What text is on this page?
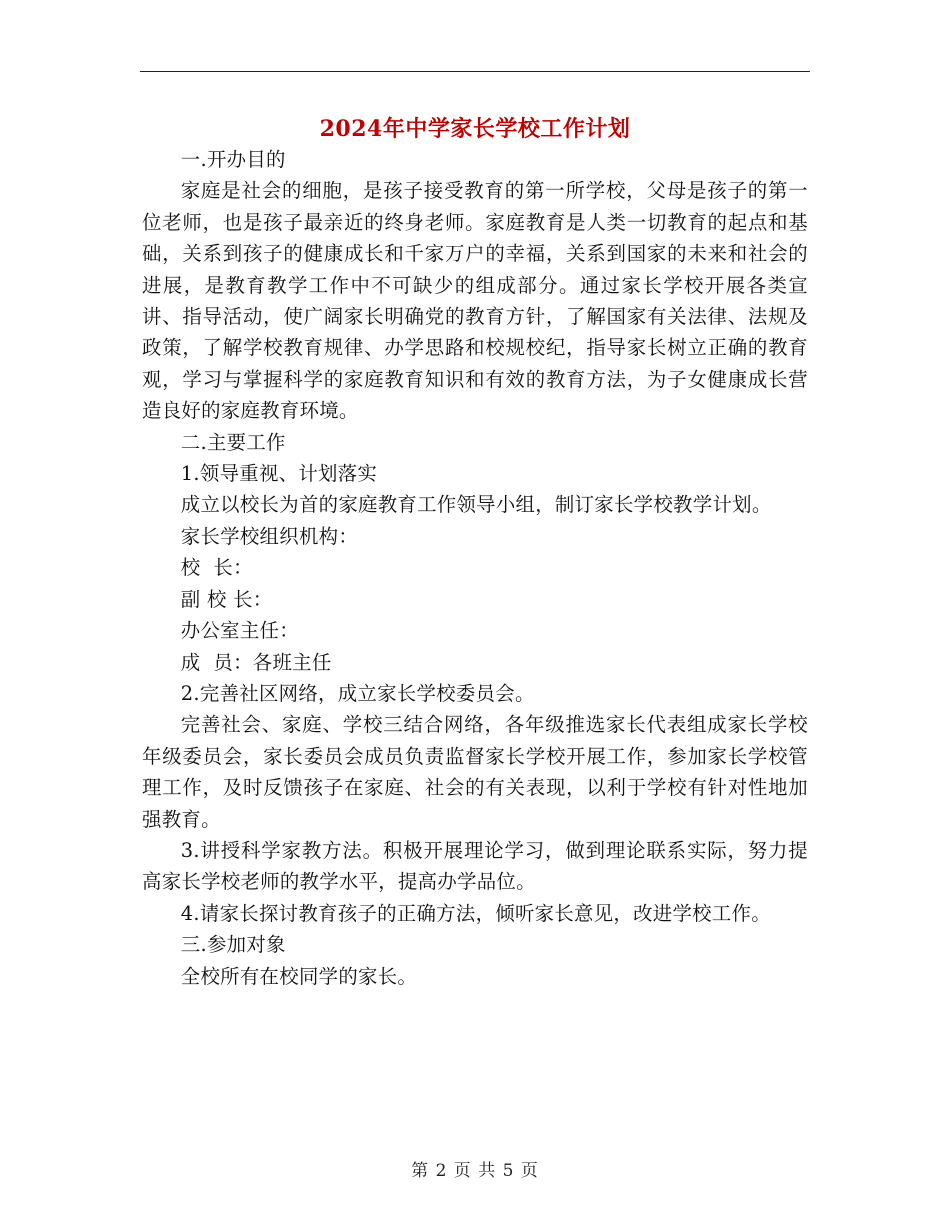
2024年中学家长学校工作计划

一.开办目的

家庭是社会的细胞，是孩子接受教育的第一所学校，父母是孩子的第一位老师，也是孩子最亲近的终身老师。家庭教育是人类一切教育的起点和基础，关系到孩子的健康成长和千家万户的幸福，关系到国家的未来和社会的进展，是教育教学工作中不可缺少的组成部分。通过家长学校开展各类宣讲、指导活动，使广阔家长明确党的教育方针，了解国家有关法律、法规及政策，了解学校教育规律、办学思路和校规校纪，指导家长树立正确的教育观，学习与掌握科学的家庭教育知识和有效的教育方法，为子女健康成长营造良好的家庭教育环境。

二.主要工作

1.领导重视、计划落实

成立以校长为首的家庭教育工作领导小组，制订家长学校教学计划。

家长学校组织机构：

校  长：

副 校 长：

办公室主任：

成  员：各班主任

2.完善社区网络，成立家长学校委员会。

完善社会、家庭、学校三结合网络，各年级推选家长代表组成家长学校年级委员会，家长委员会成员负责监督家长学校开展工作，参加家长学校管理工作，及时反馈孩子在家庭、社会的有关表现，以利于学校有针对性地加强教育。

3.讲授科学家教方法。积极开展理论学习，做到理论联系实际，努力提高家长学校老师的教学水平，提高办学品位。

4.请家长探讨教育孩子的正确方法，倾听家长意见，改进学校工作。

三.参加对象

全校所有在校同学的家长。

第 2 页 共 5 页
